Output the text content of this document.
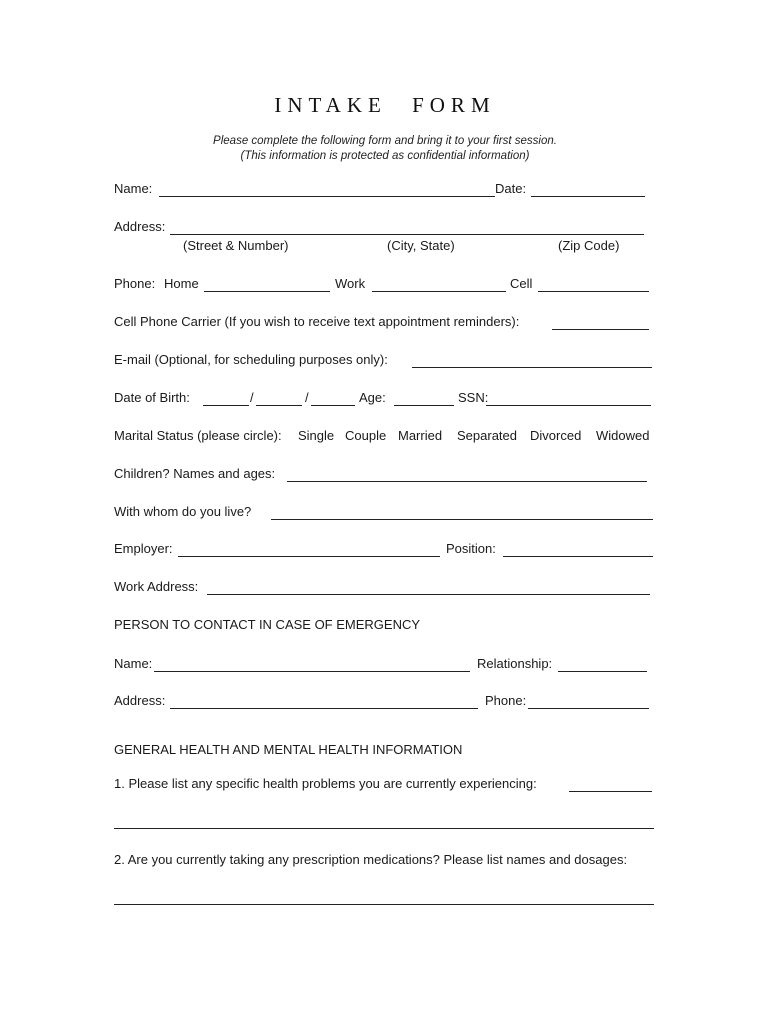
INTAKE FORM
Please complete the following form and bring it to your first session.
(This information is protected as confidential information)
Name:	Date:
Address:
(Street & Number)	(City, State)	(Zip Code)
Phone: Home	Work	Cell
Cell Phone Carrier (If you wish to receive text appointment reminders):
E-mail (Optional, for scheduling purposes only):
Date of Birth:	/	/	Age:	SSN:
Marital Status (please circle): Single Couple Married Separated Divorced Widowed
Children? Names and ages:
With whom do you live?
Employer:	Position:
Work Address:
PERSON TO CONTACT IN CASE OF EMERGENCY
Name:	Relationship:
Address:	Phone:
GENERAL HEALTH AND MENTAL HEALTH INFORMATION
1. Please list any specific health problems you are currently experiencing:
2. Are you currently taking any prescription medications? Please list names and dosages:
